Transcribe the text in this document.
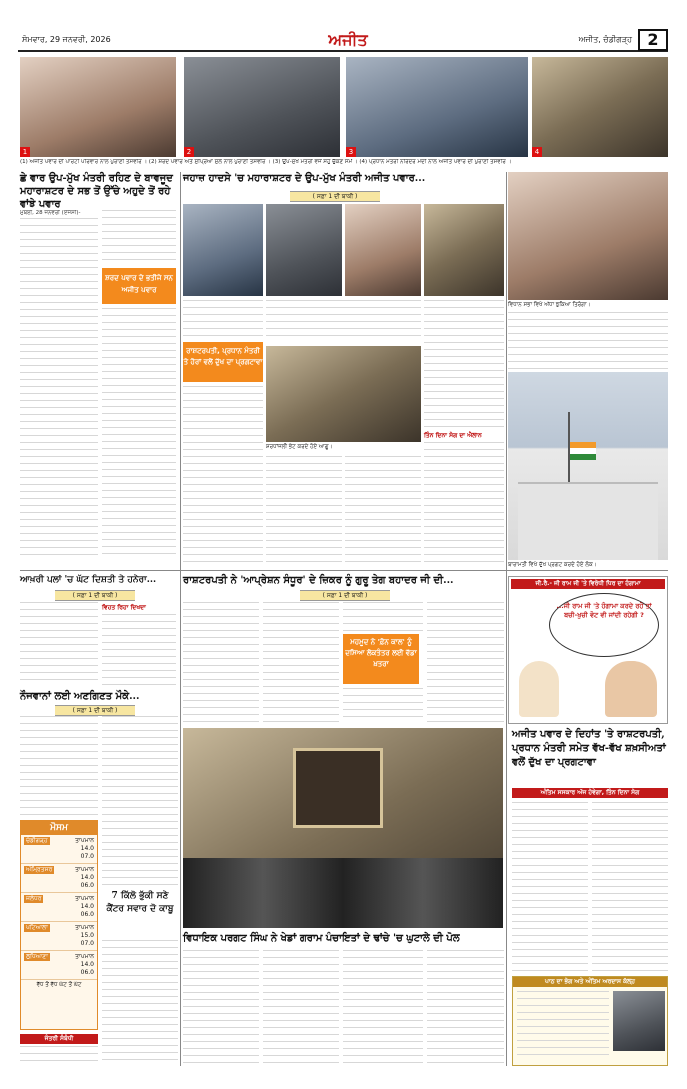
ਸੋਮਵਾਰ, 29 ਜਨਵਰੀ, 2026	ਅਜੀਤ	ਅਜੀਤ, ਚੰਡੀਗੜ੍ਹ 2
1	2	3	4
(1) ਅਜੀਤ ਪਵਾਰ ਦੀ ਪਾਰਟੀ ਪਰਿਵਾਰ ਨਾਲ ਪੁਰਾਣੀ ਤਸਵੀਰ । (2) ਸ਼ਰਦ ਪਵਾਰ ਅਤੇ ਸੁਪ੍ਰਿਆ ਸੁਲੇ ਨਾਲ ਪੁਰਾਣੀ ਤਸਵੀਰ । (3) ਉਪ-ਮੁੱਖ ਮੰਤਰੀ ਵਜੋਂ ਸਹੁੰ ਚੁੱਕਣ ਸਮੇਂ । (4) ਪ੍ਰਧਾਨ ਮੰਤਰੀ ਨਰਿੰਦਰ ਮੋਦੀ ਨਾਲ ਅਜੀਤ ਪਵਾਰ ਦੀ ਪੁਰਾਣੀ ਤਸਵੀਰ ।
ਛੇ ਵਾਰ ਉਪ-ਮੁੱਖ ਮੰਤਰੀ ਰਹਿਣ ਦੇ ਬਾਵਜੂਦ
ਮਹਾਰਾਸ਼ਟਰ ਦੇ ਸਭ ਤੋਂ ਉੱਚੇ ਅਹੁਦੇ ਤੋਂ ਰਹੇ ਵਾਂਝੇ ਪਵਾਰ
ਮੁੰਬਈ, 28 ਜਨਵਰੀ (ਏਜੰਸੀ)-
ਸ਼ਰਦ ਪਵਾਰ ਦੇ ਭਤੀਜੇ ਸਨ ਅਜੀਤ ਪਵਾਰ
ਜਹਾਜ਼ ਹਾਦਸੇ 'ਚ ਮਹਾਰਾਸ਼ਟਰ ਦੇ ਉਪ-ਮੁੱਖ ਮੰਤਰੀ ਅਜੀਤ ਪਵਾਰ...
( ਸਫ਼ਾ 1 ਦੀ ਬਾਕੀ )
ਰਾਸ਼ਟਰਪਤੀ, ਪ੍ਰਧਾਨ ਮੰਤਰੀ ਤੇ ਹੋਰਾਂ ਵਲੋਂ ਦੁੱਖ ਦਾ ਪ੍ਰਗਟਾਵਾ
ਸ਼ਰਧਾਂਜਲੀ ਭੇਟ ਕਰਦੇ ਹੋਏ ਆਗੂ।
ਤਿੰਨ ਦਿਨਾ ਸੋਗ ਦਾ ਐਲਾਨ
ਵਿਧਾਨ ਸਭਾ ਵਿਖੇ ਅੱਧਾ ਝੁਕਿਆ ਤਿਰੰਗਾ।
ਬਾਰਾਮਤੀ ਵਿਖੇ ਦੁੱਖ ਪ੍ਰਗਟ ਕਰਦੇ ਹੋਏ ਲੋਕ।
ਆਖ਼ਰੀ ਪਲਾਂ 'ਚ ਘੱਟ ਦਿਸ਼ਤੀ ਤੇ ਹਨੇਰਾ...
( ਸਫ਼ਾ 1 ਦੀ ਬਾਕੀ )
ਵਿਹਤ ਰਿਹਾ ਦਿਖਦਾ
ਰਾਸ਼ਟਰਪਤੀ ਨੇ 'ਆਪ੍ਰੇਸ਼ਨ ਸੰਧੂਰ' ਦੇ ਜ਼ਿਕਰ ਨੂੰ ਗੁਰੂ ਤੇਗ ਬਹਾਦਰ ਜੀ ਦੀ...
( ਸਫ਼ਾ 1 ਦੀ ਬਾਕੀ )
ਮਹਮੂਦ ਨੇ 'ਫ਼ੋਨ ਕਾਲ' ਨੂੰ ਦਸਿਆ ਲੋਕਤੰਤਰ ਲਈ ਵੱਡਾ ਖ਼ਤਰਾ
ਜੀ.ਰੈ.- ਜੀ ਰਾਮ ਜੀ 'ਤੇ ਵਿਰੋਧੀ ਧਿਰ ਦਾ ਹੰਗਾਮਾ
...ਜੀ ਰਾਮ ਜੀ 'ਤੇ ਹੰਗਾਮਾ ਕਰਦੇ ਰਹੋ ਤਾਂ ਬਚੀ-ਖੁਚੀ ਵੋਟ ਵੀ ਜਾਂਦੀ ਰਹੇਗੀ ?
ਨੌਜਵਾਨਾਂ ਲਈ ਅਣਗਿਣਤ ਮੌਕੇ...
( ਸਫ਼ਾ 1 ਦੀ ਬਾਕੀ )
7 ਕਿੱਲੋ ਭੁੱਕੀ ਸਣੇ ਕੈਂਟਰ ਸਵਾਰ ਦੋ ਕਾਬੂ
ਮੌਸਮ
ਚੰਡੀਗੜ੍ਹ	ਤਾਪਮਾਨ
14.0
07.0
ਅੰਮ੍ਰਿਤਸਰ	ਤਾਪਮਾਨ
14.0
06.0
ਜਲੰਧਰ	ਤਾਪਮਾਨ
14.0
06.0
ਪਟਿਆਲਾ	ਤਾਪਮਾਨ
15.0
07.0
ਲੁਧਿਆਣਾ	ਤਾਪਮਾਨ
14.0
06.0
ਵੱਧ ਤੋਂ ਵੱਧ ਘੱਟ ਤੋਂ ਘੱਟ
ਜੰਤਰੀ ਸੰਬੰਧੀ
ਵਿਧਾਇਕ ਪਰਗਟ ਸਿੰਘ ਨੇ ਖੇਡਾਂ ਗਰਾਮ ਪੰਚਾਇਤਾਂ ਦੇ ਢਾਂਚੇ 'ਚ ਘੁਟਾਲੇ ਦੀ ਪੋਲ
ਅਜੀਤ ਪਵਾਰ ਦੇ ਦਿਹਾਂਤ 'ਤੇ ਰਾਸ਼ਟਰਪਤੀ, ਪ੍ਰਧਾਨ ਮੰਤਰੀ ਸਮੇਤ ਵੱਖ-ਵੱਖ ਸ਼ਖ਼ਸੀਅਤਾਂ ਵਲੋਂ ਦੁੱਖ ਦਾ ਪ੍ਰਗਟਾਵਾ
ਅੰਤਿਮ ਸਸਕਾਰ ਅੱਜ ਹੋਵੇਗਾ, ਤਿੰਨ ਦਿਨਾ ਸੋਗ
ਪਾਠ ਦਾ ਭੋਗ ਅਤੇ ਅੰਤਿਮ ਅਰਦਾਸ ਕੱਲ੍ਹ
